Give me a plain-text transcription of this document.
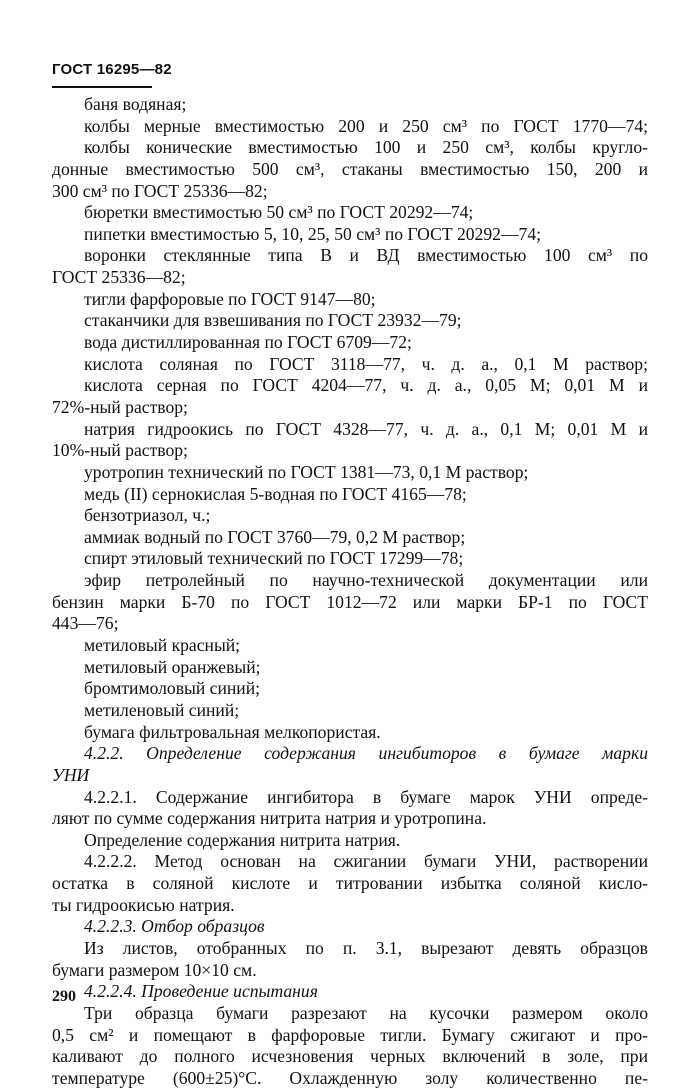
ГОСТ 16295—82
баня водяная;
колбы мерные вместимостью 200 и 250 см³ по ГОСТ 1770—74;
колбы конические вместимостью 100 и 250 см³, колбы кругло-
донные вместимостью 500 см³, стаканы вместимостью 150, 200 и
300 см³ по ГОСТ 25336—82;
бюретки вместимостью 50 см³ по ГОСТ 20292—74;
пипетки вместимостью 5, 10, 25, 50 см³ по ГОСТ 20292—74;
воронки стеклянные типа В и ВД вместимостью 100 см³ по
ГОСТ 25336—82;
тигли фарфоровые по ГОСТ 9147—80;
стаканчики для взвешивания по ГОСТ 23932—79;
вода дистиллированная по ГОСТ 6709—72;
кислота соляная по ГОСТ 3118—77, ч. д. а., 0,1 М раствор;
кислота серная по ГОСТ 4204—77, ч. д. а., 0,05 М; 0,01 М и
72%-ный раствор;
натрия гидроокись по ГОСТ 4328—77, ч. д. а., 0,1 М; 0,01 М и
10%-ный раствор;
уротропин технический по ГОСТ 1381—73, 0,1 М раствор;
медь (II) сернокислая 5-водная по ГОСТ 4165—78;
бензотриазол, ч.;
аммиак водный по ГОСТ 3760—79, 0,2 М раствор;
спирт этиловый технический по ГОСТ 17299—78;
эфир петролейный по научно-технической документации или
бензин марки Б-70 по ГОСТ 1012—72 или марки БР-1 по ГОСТ
443—76;
метиловый красный;
метиловый оранжевый;
бромтимоловый синий;
метиленовый синий;
бумага фильтровальная мелкопористая.
4.2.2. Определение содержания ингибиторов в бумаге марки
УНИ
4.2.2.1. Содержание ингибитора в бумаге марок УНИ опреде-
ляют по сумме содержания нитрита натрия и уротропина.
Определение содержания нитрита натрия.
4.2.2.2. Метод основан на сжигании бумаги УНИ, растворении
остатка в соляной кислоте и титровании избытка соляной кисло-
ты гидроокисью натрия.
4.2.2.3. Отбор образцов
Из листов, отобранных по п. 3.1, вырезают девять образцов
бумаги размером 10×10 см.
4.2.2.4. Проведение испытания
Три образца бумаги разрезают на кусочки размером около
0,5 см² и помещают в фарфоровые тигли. Бумагу сжигают и про-
каливают до полного исчезновения черных включений в золе, при
температуре (600±25)°C. Охлажденную золу количественно пе-
290
